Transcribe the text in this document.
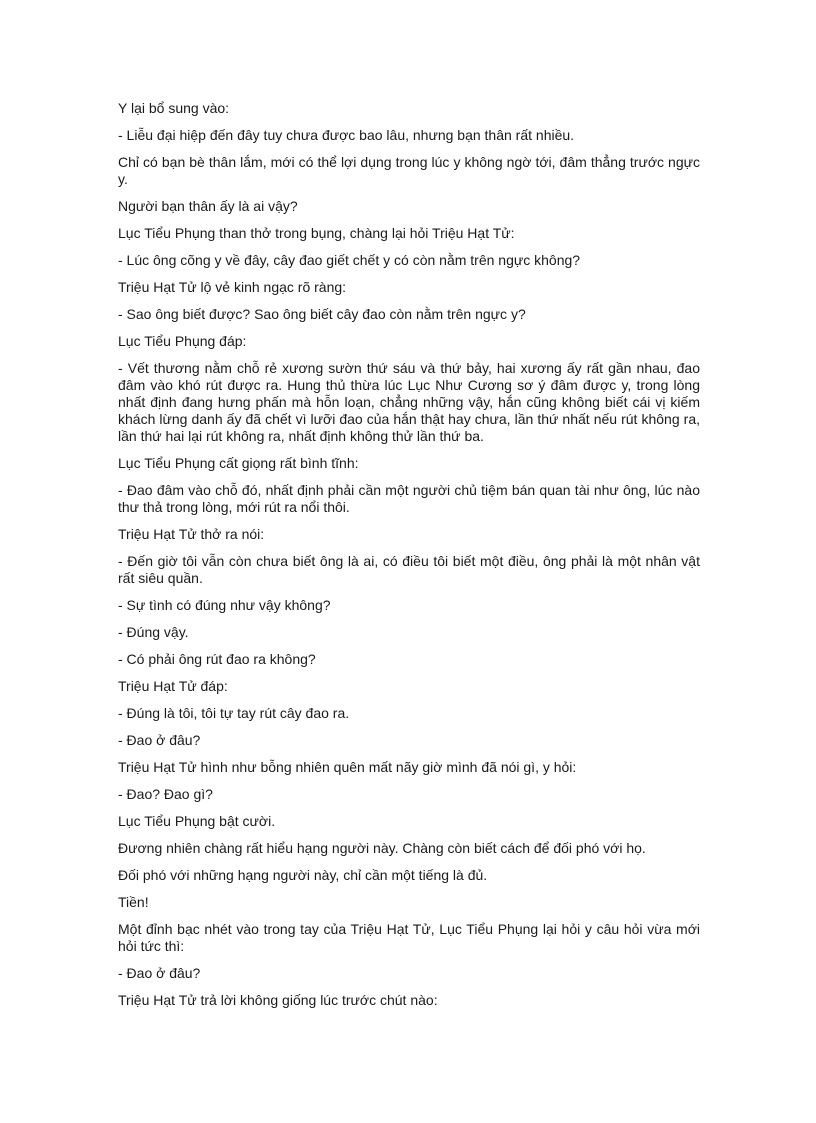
Y lại bổ sung vào:

- Liễu đại hiệp đến đây tuy chưa được bao lâu, nhưng bạn thân rất nhiều.

Chỉ có bạn bè thân lắm, mới có thể lợi dụng trong lúc y không ngờ tới, đâm thẳng trước ngực y.

Người bạn thân ấy là ai vậy?

Lục Tiểu Phụng than thở trong bụng, chàng lại hỏi Triệu Hạt Tử:

- Lúc ông cõng y về đây, cây đao giết chết y có còn nằm trên ngực không?

Triệu Hạt Tử lộ vẻ kinh ngạc rõ ràng:

- Sao ông biết được? Sao ông biết cây đao còn nằm trên ngực y?

Lục Tiểu Phụng đáp:

- Vết thương nằm chỗ rẻ xương sườn thứ sáu và thứ bảy, hai xương ấy rất gần nhau, đao đâm vào khó rút được ra. Hung thủ thừa lúc Lục Như Cương sơ ý đâm được y, trong lòng nhất định đang hưng phấn mà hỗn loạn, chẳng những vậy, hắn cũng không biết cái vị kiếm khách lừng danh ấy đã chết vì lưỡi đao của hắn thật hay chưa, lần thứ nhất nếu rút không ra, lần thứ hai lại rút không ra, nhất định không thử lần thứ ba.

Lục Tiểu Phụng cất giọng rất bình tĩnh:

- Đao đâm vào chỗ đó, nhất định phải cần một người chủ tiệm bán quan tài như ông, lúc nào thư thả trong lòng, mới rút ra nổi thôi.

Triệu Hạt Tử thở ra nói:

- Đến giờ tôi vẫn còn chưa biết ông là ai, có điều tôi biết một điều, ông phải là một nhân vật rất siêu quần.

- Sự tình có đúng như vậy không?

- Đúng vậy.

- Có phải ông rút đao ra không?

Triệu Hạt Tử đáp:

- Đúng là tôi, tôi tự tay rút cây đao ra.

- Đao ở đâu?

Triệu Hạt Tử hình như bỗng nhiên quên mất nãy giờ mình đã nói gì, y hỏi:

- Đao? Đao gì?

Lục Tiểu Phụng bật cười.

Đương nhiên chàng rất hiểu hạng người này. Chàng còn biết cách để đối phó với họ.

Đối phó với những hạng người này, chỉ cần một tiếng là đủ.

Tiền!

Một đỉnh bạc nhét vào trong tay của Triệu Hạt Tử, Lục Tiểu Phụng lại hỏi y câu hỏi vừa mới hỏi tức thì:

- Đao ở đâu?

Triệu Hạt Tử trả lời không giống lúc trước chút nào:
